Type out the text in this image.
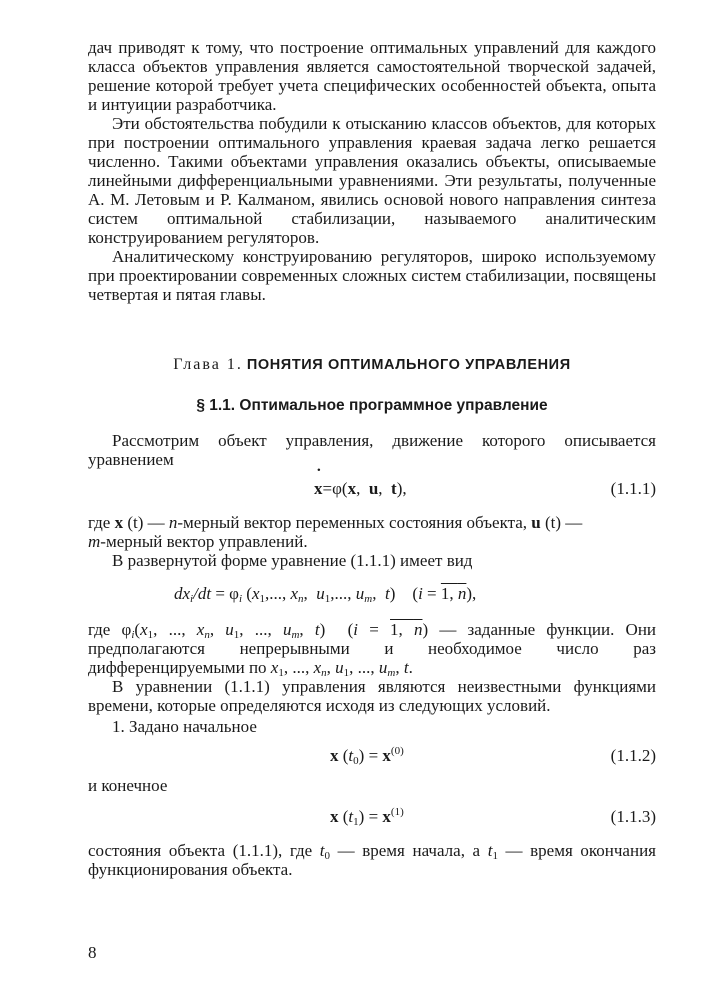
дач приводят к тому, что построение оптимальных управлений для каждого класса объектов управления является самостоятельной творческой задачей, решение которой требует учета специфических особенностей объекта, опыта и интуиции разработчика.

Эти обстоятельства побудили к отысканию классов объектов, для которых при построении оптимального управления краевая задача легко решается численно. Такими объектами управления оказались объекты, описываемые линейными дифференциальными уравнениями. Эти результаты, полученные А. М. Летовым и Р. Калманом, явились основой нового направления синтеза систем оптимальной стабилизации, называемого аналитическим конструированием регуляторов.

Аналитическому конструированию регуляторов, широко используемому при проектировании современных сложных систем стабилизации, посвящены четвертая и пятая главы.

Глава 1. ПОНЯТИЯ ОПТИМАЛЬНОГО УПРАВЛЕНИЯ

§ 1.1. Оптимальное программное управление

Рассмотрим объект управления, движение которого описывается уравнением

˙ x=φ(x,  u,  t),	(1.1.1)

где x (t) — n-мерный вектор переменных состояния объекта, u (t) —
m-мерный вектор управлений.

В развернутой форме уравнение (1.1.1) имеет вид

$dx_i/dt = \varphi_i$ ($x_1$,..., $x_n$,  $u_1$,..., $u_m$,  t)    (i = 1, n),

где $\varphi_i(x_1$, ..., $x_n$, $u_1$, ..., $u_m$, t)  (i = 1, n) — заданные функции. Они предполагаются непрерывными и необходимое число раз дифференцируемыми по $x_1$, ..., $x_n$, $u_1$, ..., $u_m$, t.

В уравнении (1.1.1) управления являются неизвестными функциями времени, которые определяются исходя из следующих условий.

1. Задано начальное

x $(t_0) = x^{(0)}$	(1.1.2)

и конечное

x $(t_1) = x^{(1)}$	(1.1.3)

состояния объекта (1.1.1), где $t_0$ — время начала, а $t_1$ — время окончания функционирования объекта.

8
